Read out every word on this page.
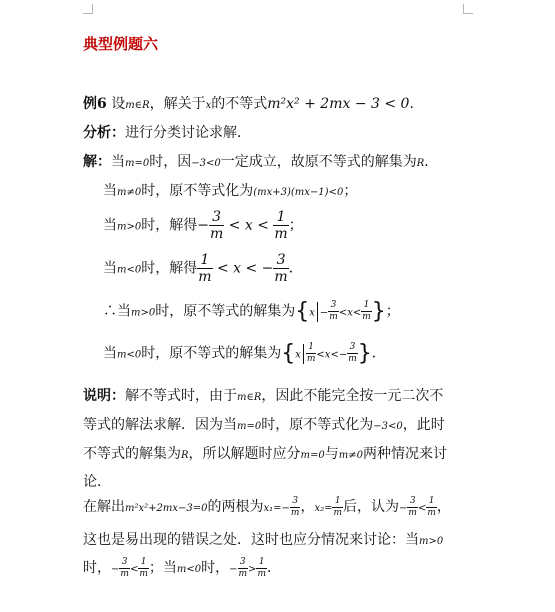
典型例题六
例6 设m∈R，解关于x的不等式m²x² + 2mx − 3 < 0．
分析：进行分类讨论求解．
解：当m=0时，因−3<0一定成立，故原不等式的解集为R．
当m≠0时，原不等式化为(mx+3)(mx−1)<0；
当m>0时，解得− $\frac{3}{m} < x < \frac{1}{m}$ ；
当m<0时，解得 $\frac{1}{m} < x$ < − $\frac{3}{m}$ ．
∴当m>0时，原不等式的解集为{$x - \frac{3}{m} <x< \frac{1}{m}$ }；
当m<0时，原不等式的解集为{$x \frac{1}{m} <x<- \frac{3}{m}$ }．
说明：解不等式时，由于m∈R，因此不能完全按一元二次不
等式的解法求解．因为当m=0时，原不等式化为−3<0，此时
不等式的解集为R，所以解题时应分m=0与m≠0两种情况来讨
论．
在解出m²x²+2mx−3=0的两根为$x_1=- \frac{3}{m}$ ，$x_2= \frac{1}{m}$ 后，认为− $\frac{3}{m} < \frac{1}{m}$ ，
这也是易出现的错误之处．这时也应分情况来讨论：当m>0
时，− $\frac{3}{m} < \frac{1}{m}$ ；当m<0时，− $\frac{3}{m} > \frac{1}{m}$ ．
